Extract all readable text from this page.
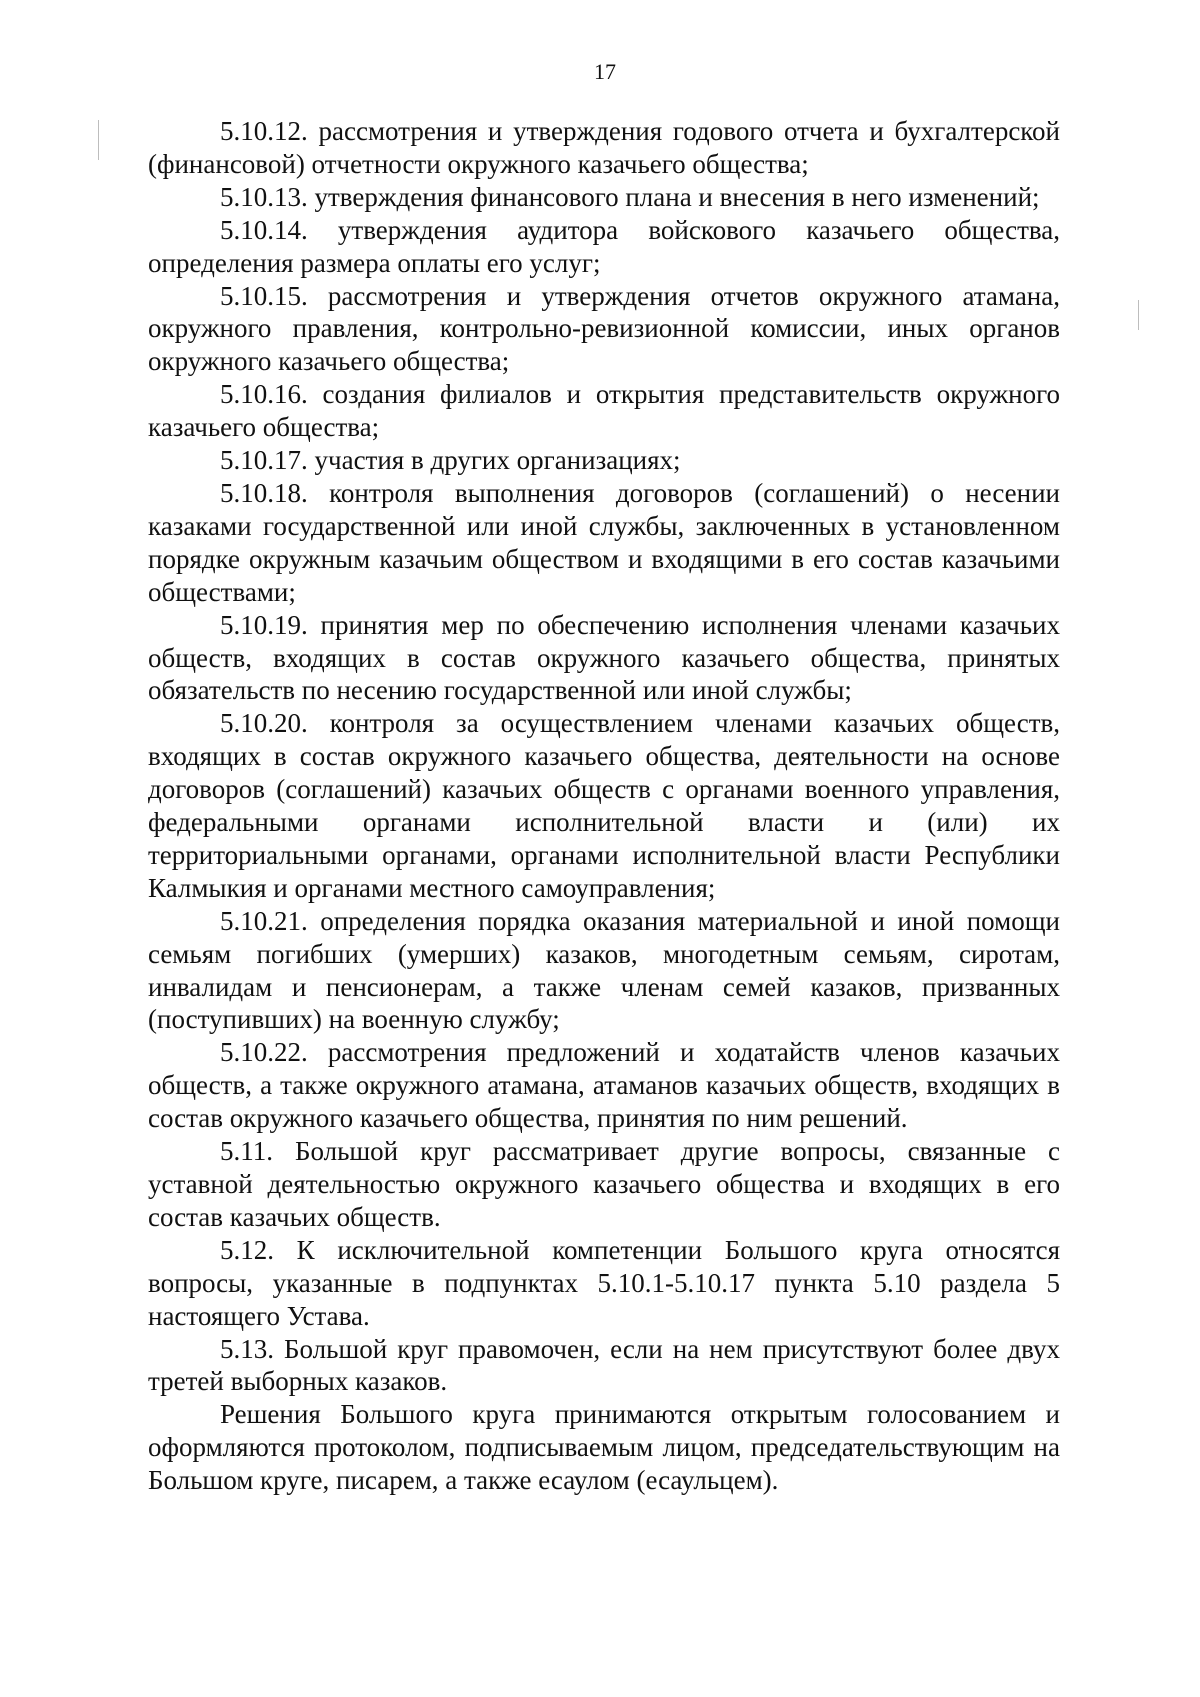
17

5.10.12. рассмотрения и утверждения годового отчета и бухгалтерской (финансовой) отчетности окружного казачьего общества;

5.10.13. утверждения финансового плана и внесения в него изменений;

5.10.14. утверждения аудитора войскового казачьего общества, определения размера оплаты его услуг;

5.10.15. рассмотрения и утверждения отчетов окружного атамана, окружного правления, контрольно-ревизионной комиссии, иных органов окружного казачьего общества;

5.10.16. создания филиалов и открытия представительств окружного казачьего общества;

5.10.17. участия в других организациях;

5.10.18. контроля выполнения договоров (соглашений) о несении казаками государственной или иной службы, заключенных в установленном порядке окружным казачьим обществом и входящими в его состав казачьими обществами;

5.10.19. принятия мер по обеспечению исполнения членами казачьих обществ, входящих в состав окружного казачьего общества, принятых обязательств по несению государственной или иной службы;

5.10.20. контроля за осуществлением членами казачьих обществ, входящих в состав окружного казачьего общества, деятельности на основе договоров (соглашений) казачьих обществ с органами военного управления, федеральными органами исполнительной власти и (или) их территориальными органами, органами исполнительной власти Республики Калмыкия и органами местного самоуправления;

5.10.21. определения порядка оказания материальной и иной помощи семьям погибших (умерших) казаков, многодетным семьям, сиротам, инвалидам и пенсионерам, а также членам семей казаков, призванных (поступивших) на военную службу;

5.10.22. рассмотрения предложений и ходатайств членов казачьих обществ, а также окружного атамана, атаманов казачьих обществ, входящих в состав окружного казачьего общества, принятия по ним решений.

5.11. Большой круг рассматривает другие вопросы, связанные с уставной деятельностью окружного казачьего общества и входящих в его состав казачьих обществ.

5.12. К исключительной компетенции Большого круга относятся вопросы, указанные в подпунктах 5.10.1-5.10.17 пункта 5.10 раздела 5 настоящего Устава.

5.13. Большой круг правомочен, если на нем присутствуют более двух третей выборных казаков.

Решения Большого круга принимаются открытым голосованием и оформляются протоколом, подписываемым лицом, председательствующим на Большом круге, писарем, а также есаулом (есаульцем).
